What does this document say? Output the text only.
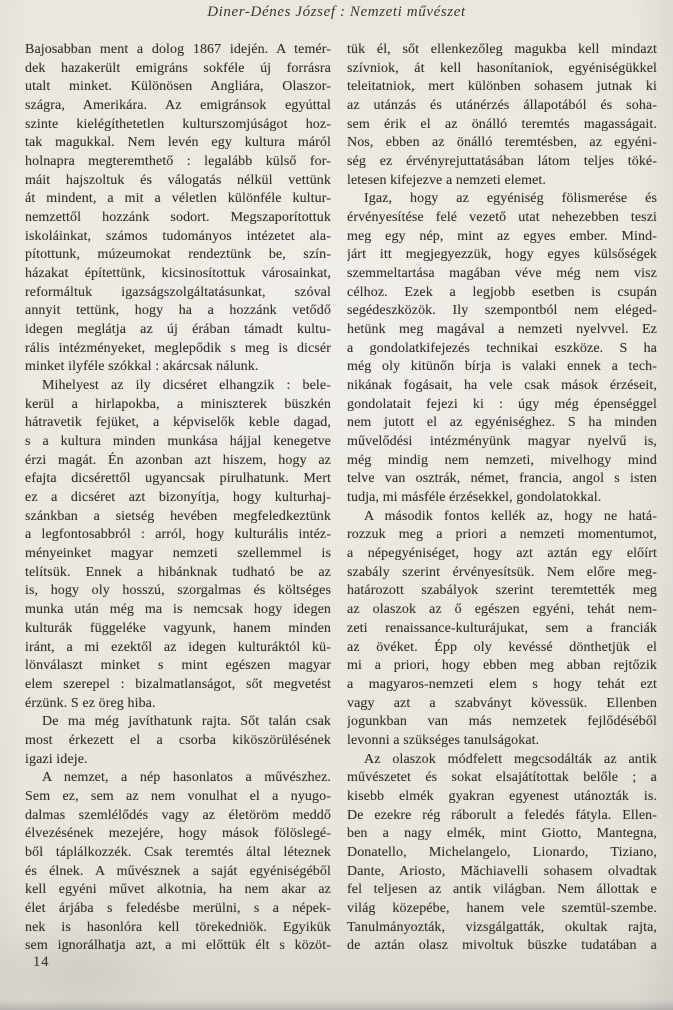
Diner-Dénes József : Nemzeti művészet
Bajosabban ment a dolog 1867 idején. A temér-
dek hazakerült emigráns sokféle új forrásra
utalt minket. Különösen Angliára, Olaszor-
szágra, Amerikára. Az emigránsok egyúttal
szinte kielégíthetetlen kulturszomjúságot hoz-
tak magukkal. Nem levén egy kultura máról
holnapra megteremthető : legalább külső for-
máit hajszoltuk és válogatás nélkül vettünk
át mindent, a mit a véletlen különféle kultur-
nemzettől hozzánk sodort. Megszaporítottuk
iskoláinkat, számos tudományos intézetet ala-
pítottunk, múzeumokat rendeztünk be, szín-
házakat építettünk, kicsinosítottuk városainkat,
reformáltuk igazságszolgáltatásunkat, szóval
annyit tettünk, hogy ha a hozzánk vetődő
idegen meglátja az új érában támadt kultu-
rális intézményeket, meglepődik s meg is dicsér
minket ilyféle szókkal : akárcsak nálunk.
Mihelyest az ily dicséret elhangzik : bele-
kerül a hirlapokba, a miniszterek büszkén
hátravetik fejüket, a képviselők keble dagad,
s a kultura minden munkása hájjal kenegetve
érzi magát. Én azonban azt hiszem, hogy az
efajta dicsérettől ugyancsak pirulhatunk. Mert
ez a dicséret azt bizonyítja, hogy kulturhaj-
szánkban a sietség hevében megfeledkeztünk
a legfontosabbról : arról, hogy kulturális intéz-
ményeinket magyar nemzeti szellemmel is
telítsük. Ennek a hibánknak tudható be az
is, hogy oly hosszú, szorgalmas és költséges
munka után még ma is nemcsak hogy idegen
kulturák függeléke vagyunk, hanem minden
iránt, a mi ezektől az idegen kulturáktól kü-
lönválaszt minket s mint egészen magyar
elem szerepel : bizalmatlanságot, sőt megvetést
érzünk. S ez öreg hiba.
De ma még javíthatunk rajta. Sőt talán csak
most érkezett el a csorba kiköszörülésének
igazi ideje.
A nemzet, a nép hasonlatos a művészhez.
Sem ez, sem az nem vonulhat el a nyugo-
dalmas szemlélődés vagy az életöröm meddő
élvezésének mezejére, hogy mások fölöslegé-
ből táplálkozzék. Csak teremtés által léteznek
és élnek. A művésznek a saját egyéniségéből
kell egyéni művet alkotnia, ha nem akar az
élet árjába s feledésbe merülni, s a népek-
nek is hasonlóra kell törekedniök. Egyikük
sem ignorálhatja azt, a mi előttük élt s közöt-
tük él, sőt ellenkezőleg magukba kell mindazt
szívniok, át kell hasonítaniok, egyéniségükkel
teleitatniok, mert különben sohasem jutnak ki
az utánzás és utánérzés állapotából és soha-
sem érik el az önálló teremtés magasságait.
Nos, ebben az önálló teremtésben, az egyéni-
ség ez érvényrejuttatásában látom teljes töké-
letesen kifejezve a nemzeti elemet.
Igaz, hogy az egyéniség fölismerése és
érvényesítése felé vezető utat nehezebben teszi
meg egy nép, mint az egyes ember. Mind-
járt itt megjegyezzük, hogy egyes külsőségek
szemmeltartása magában véve még nem visz
célhoz. Ezek a legjobb esetben is csupán
segédeszközök. Ily szempontból nem eléged-
hetünk meg magával a nemzeti nyelvvel. Ez
a gondolatkifejezés technikai eszköze. S ha
még oly kitünőn bírja is valaki ennek a tech-
nikának fogásait, ha vele csak mások érzéseit,
gondolatait fejezi ki : úgy még épenséggel
nem jutott el az egyéniséghez. S ha minden
művelődési intézményünk magyar nyelvű is,
még mindig nem nemzeti, mivelhogy mind
telve van osztrák, német, francia, angol s isten
tudja, mi másféle érzésekkel, gondolatokkal.
A második fontos kellék az, hogy ne hatá-
rozzuk meg a priori a nemzeti momentumot,
a népegyéniséget, hogy azt aztán egy előírt
szabály szerint érvényesítsük. Nem előre meg-
határozott szabályok szerint teremtették meg
az olaszok az ő egészen egyéni, tehát nem-
zeti renaissance-kulturájukat, sem a franciák
az övéket. Épp oly kevéssé dönthetjük el
mi a priori, hogy ebben meg abban rejtőzik
a magyaros-nemzeti elem s hogy tehát ezt
vagy azt a szabványt kövessük. Ellenben
jogunkban van más nemzetek fejlődéséből
levonni a szükséges tanulságokat.
Az olaszok módfelett megcsodálták az antik
művészetet és sokat elsajátítottak belőle ; a
kisebb elmék gyakran egyenest utánozták is.
De ezekre rég ráborult a feledés fátyla. Ellen-
ben a nagy elmék, mint Giotto, Mantegna,
Donatello, Michelangelo, Lionardo, Tiziano,
Dante, Ariosto, Măchiavelli sohasem olvadtak
fel teljesen az antik világban. Nem állottak e
világ közepébe, hanem vele szemtül-szembe.
Tanulmányozták, vizsgálgatták, okultak rajta,
de aztán olasz mivoltuk büszke tudatában a
14
